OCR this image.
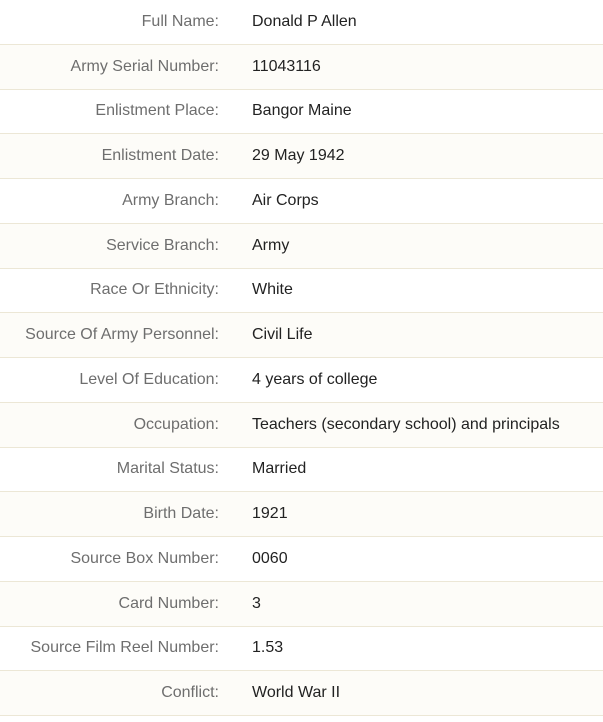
Full Name:	Donald P Allen
Army Serial Number:	11043116
Enlistment Place:	Bangor Maine
Enlistment Date:	29 May 1942
Army Branch:	Air Corps
Service Branch:	Army
Race Or Ethnicity:	White
Source Of Army Personnel:	Civil Life
Level Of Education:	4 years of college
Occupation:	Teachers (secondary school) and principals
Marital Status:	Married
Birth Date:	1921
Source Box Number:	0060
Card Number:	3
Source Film Reel Number:	1.53
Conflict:	World War II
